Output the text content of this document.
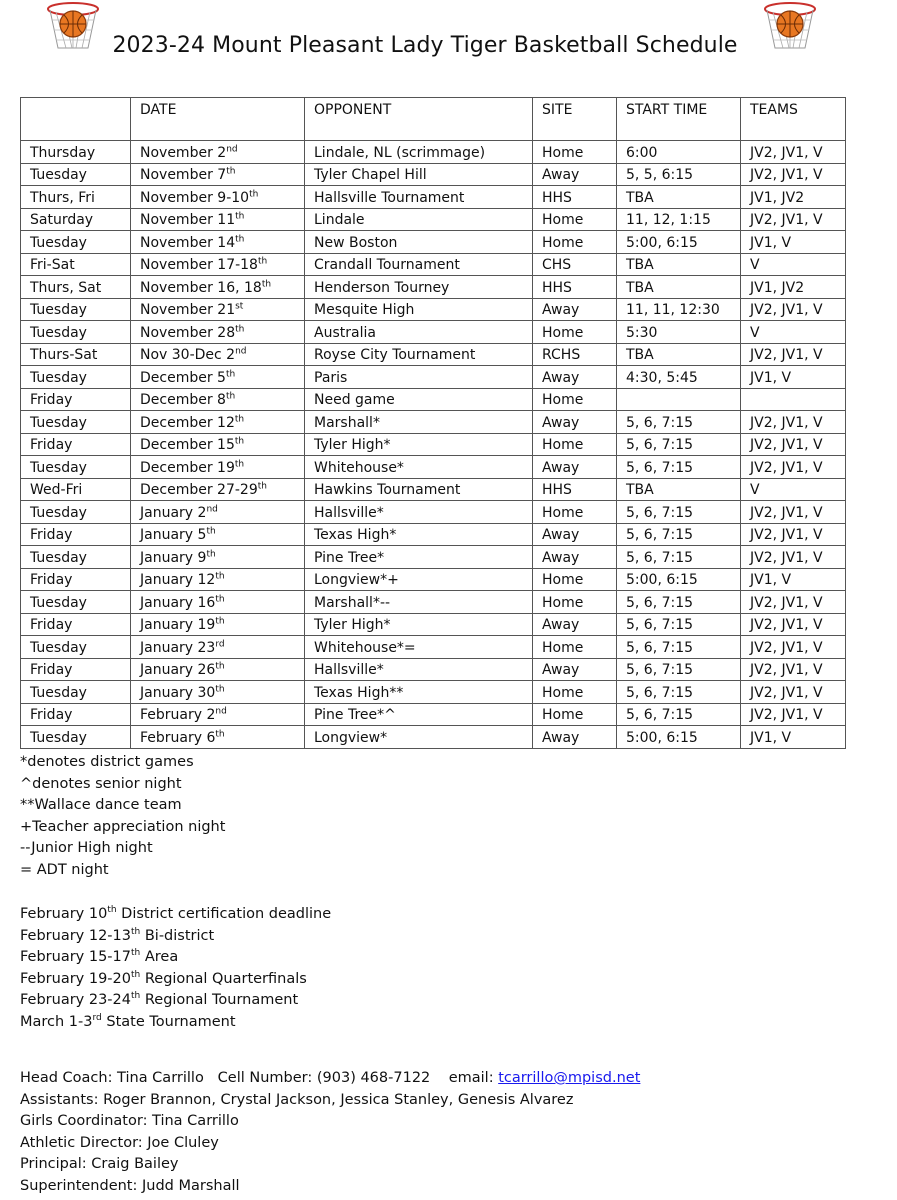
2023-24 Mount Pleasant Lady Tiger Basketball Schedule
	DATE	OPPONENT	SITE	START TIME	TEAMS
Thursday	November 2nd	Lindale, NL (scrimmage)	Home	6:00	JV2, JV1, V
Tuesday	November 7th	Tyler Chapel Hill	Away	5, 5, 6:15	JV2, JV1, V
Thurs, Fri	November 9-10th	Hallsville Tournament	HHS	TBA	JV1, JV2
Saturday	November 11th	Lindale	Home	11, 12, 1:15	JV2, JV1, V
Tuesday	November 14th	New Boston	Home	5:00, 6:15	JV1, V
Fri-Sat	November 17-18th	Crandall Tournament	CHS	TBA	V
Thurs, Sat	November 16, 18th	Henderson Tourney	HHS	TBA	JV1, JV2
Tuesday	November 21st	Mesquite High	Away	11, 11, 12:30	JV2, JV1, V
Tuesday	November 28th	Australia	Home	5:30	V
Thurs-Sat	Nov 30-Dec 2nd	Royse City Tournament	RCHS	TBA	JV2, JV1, V
Tuesday	December 5th	Paris	Away	4:30, 5:45	JV1, V
Friday	December 8th	Need game	Home		
Tuesday	December 12th	Marshall*	Away	5, 6, 7:15	JV2, JV1, V
Friday	December 15th	Tyler High*	Home	5, 6, 7:15	JV2, JV1, V
Tuesday	December 19th	Whitehouse*	Away	5, 6, 7:15	JV2, JV1, V
Wed-Fri	December 27-29th	Hawkins Tournament	HHS	TBA	V
Tuesday	January 2nd	Hallsville*	Home	5, 6, 7:15	JV2, JV1, V
Friday	January 5th	Texas High*	Away	5, 6, 7:15	JV2, JV1, V
Tuesday	January 9th	Pine Tree*	Away	5, 6, 7:15	JV2, JV1, V
Friday	January 12th	Longview*+	Home	5:00, 6:15	JV1, V
Tuesday	January 16th	Marshall*--	Home	5, 6, 7:15	JV2, JV1, V
Friday	January 19th	Tyler High*	Away	5, 6, 7:15	JV2, JV1, V
Tuesday	January 23rd	Whitehouse*=	Home	5, 6, 7:15	JV2, JV1, V
Friday	January 26th	Hallsville*	Away	5, 6, 7:15	JV2, JV1, V
Tuesday	January 30th	Texas High**	Home	5, 6, 7:15	JV2, JV1, V
Friday	February 2nd	Pine Tree*^	Home	5, 6, 7:15	JV2, JV1, V
Tuesday	February 6th	Longview*	Away	5:00, 6:15	JV1, V
*denotes district games
^denotes senior night
**Wallace dance team
+Teacher appreciation night
--Junior High night
= ADT night
February 10th District certification deadline
February 12-13th Bi-district
February 15-17th Area
February 19-20th Regional Quarterfinals
February 23-24th Regional Tournament
March 1-3rd State Tournament
Head Coach: Tina Carrillo Cell Number: (903) 468-7122 email: tcarrillo@mpisd.net
Assistants: Roger Brannon, Crystal Jackson, Jessica Stanley, Genesis Alvarez
Girls Coordinator: Tina Carrillo
Athletic Director: Joe Cluley
Principal: Craig Bailey
Superintendent: Judd Marshall
